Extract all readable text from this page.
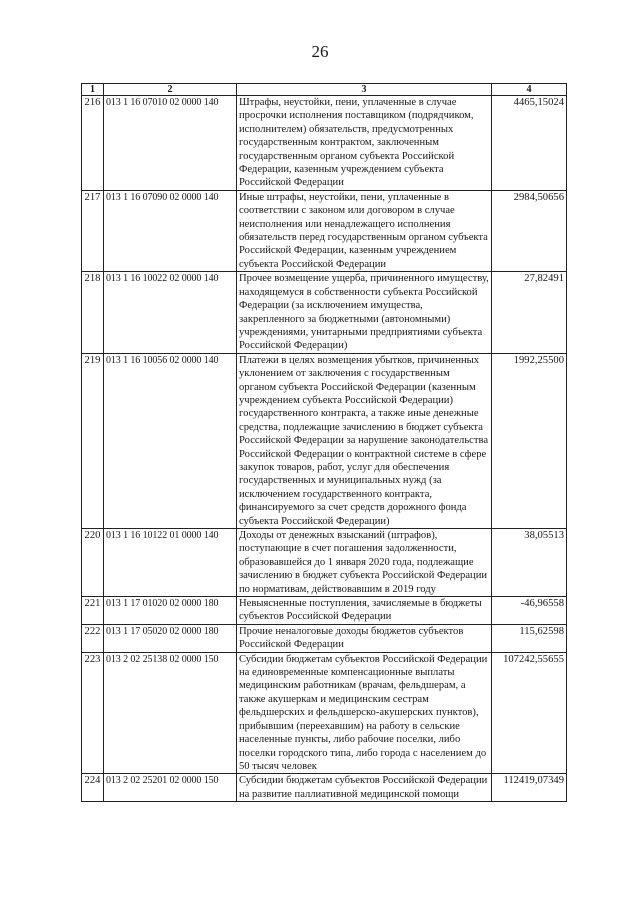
26
1	2	3	4
216	013 1 16 07010 02 0000 140	Штрафы, неустойки, пени, уплаченные в случае просрочки исполнения поставщиком (подрядчиком, исполнителем) обязательств, предусмотренных государственным контрактом, заключенным государственным органом субъекта Российской Федерации, казенным учреждением субъекта Российской Федерации	4465,15024

217	013 1 16 07090 02 0000 140	Иные штрафы, неустойки, пени, уплаченные в соответствии с законом или договором в случае неисполнения или ненадлежащего исполнения обязательств перед государственным органом субъекта Российской Федерации, казенным учреждением субъекта Российской Федерации	2984,50656

218	013 1 16 10022 02 0000 140	Прочее возмещение ущерба, причиненного имуществу, находящемуся в собственности субъекта Российской Федерации (за исключением имущества, закрепленного за бюджетными (автономными) учреждениями, унитарными предприятиями субъекта Российской Федерации)	27,82491

219	013 1 16 10056 02 0000 140	Платежи в целях возмещения убытков, причиненных уклонением от заключения с государственным органом субъекта Российской Федерации (казенным учреждением субъекта Российской Федерации) государственного контракта, а также иные денежные средства, подлежащие зачислению в бюджет субъекта Российской Федерации за нарушение законодательства Российской Федерации о контрактной системе в сфере закупок товаров, работ, услуг для обеспечения государственных и муниципальных нужд (за исключением государственного контракта, финансируемого за счет средств дорожного фонда субъекта Российской Федерации)	1992,25500

220	013 1 16 10122 01 0000 140	Доходы от денежных взысканий (штрафов), поступающие в счет погашения задолженности, образовавшейся до 1 января 2020 года, подлежащие зачислению в бюджет субъекта Российской Федерации по нормативам, действовавшим в 2019 году	38,05513

221	013 1 17 01020 02 0000 180	Невыясненные поступления, зачисляемые в бюджеты субъектов Российской Федерации	-46,96558

222	013 1 17 05020 02 0000 180	Прочие неналоговые доходы бюджетов субъектов Российской Федерации	115,62598

223	013 2 02 25138 02 0000 150	Субсидии бюджетам субъектов Российской Федерации на единовременные компенсационные выплаты медицинским работникам (врачам, фельдшерам, а также акушеркам и медицинским сестрам фельдшерских и фельдшерско-акушерских пунктов), прибывшим (переехавшим) на работу в сельские населенные пункты, либо рабочие поселки, либо поселки городского типа, либо города с населением до 50 тысяч человек	107242,55655

224	013 2 02 25201 02 0000 150	Субсидии бюджетам субъектов Российской Федерации на развитие паллиативной медицинской помощи	112419,07349
